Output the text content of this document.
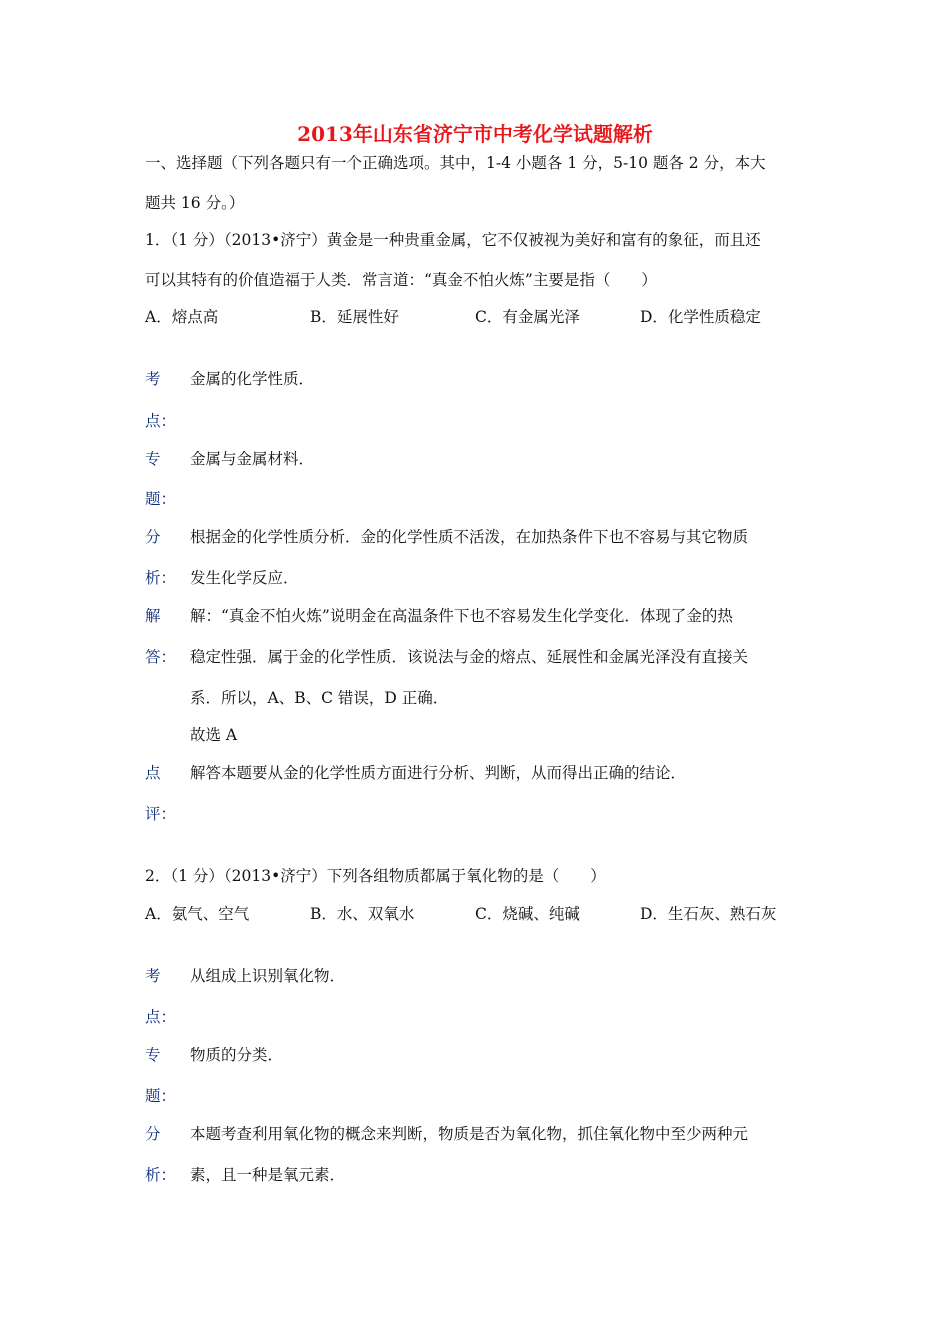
2013年山东省济宁市中考化学试题解析
一、选择题（下列各题只有一个正确选项。其中，1-4 小题各 1 分，5-10 题各 2 分，本大
题共 16 分。）
1．（1 分）（2013•济宁）黄金是一种贵重金属，它不仅被视为美好和富有的象征，而且还
可以其特有的价值造福于人类．常言道：“真金不怕火炼”主要是指（　　）
A．熔点高	B．延展性好	C．有金属光泽	D．化学性质稳定
考
点：
金属的化学性质．
专
题：
金属与金属材料．
分
析：
根据金的化学性质分析．金的化学性质不活泼，在加热条件下也不容易与其它物质
发生化学反应．
解
答：
解：“真金不怕火炼”说明金在高温条件下也不容易发生化学变化．体现了金的热
稳定性强．属于金的化学性质．该说法与金的熔点、延展性和金属光泽没有直接关
系．所以，A、B、C 错误，D 正确．
故选 A
点
评：
解答本题要从金的化学性质方面进行分析、判断，从而得出正确的结论．
2．（1 分）（2013•济宁）下列各组物质都属于氧化物的是（　　）
A．氨气、空气	B．水、双氧水	C．烧碱、纯碱	D．生石灰、熟石灰
考
点：
从组成上识别氧化物．
专
题：
物质的分类．
分
析：
本题考查利用氧化物的概念来判断，物质是否为氧化物，抓住氧化物中至少两种元
素，且一种是氧元素．
